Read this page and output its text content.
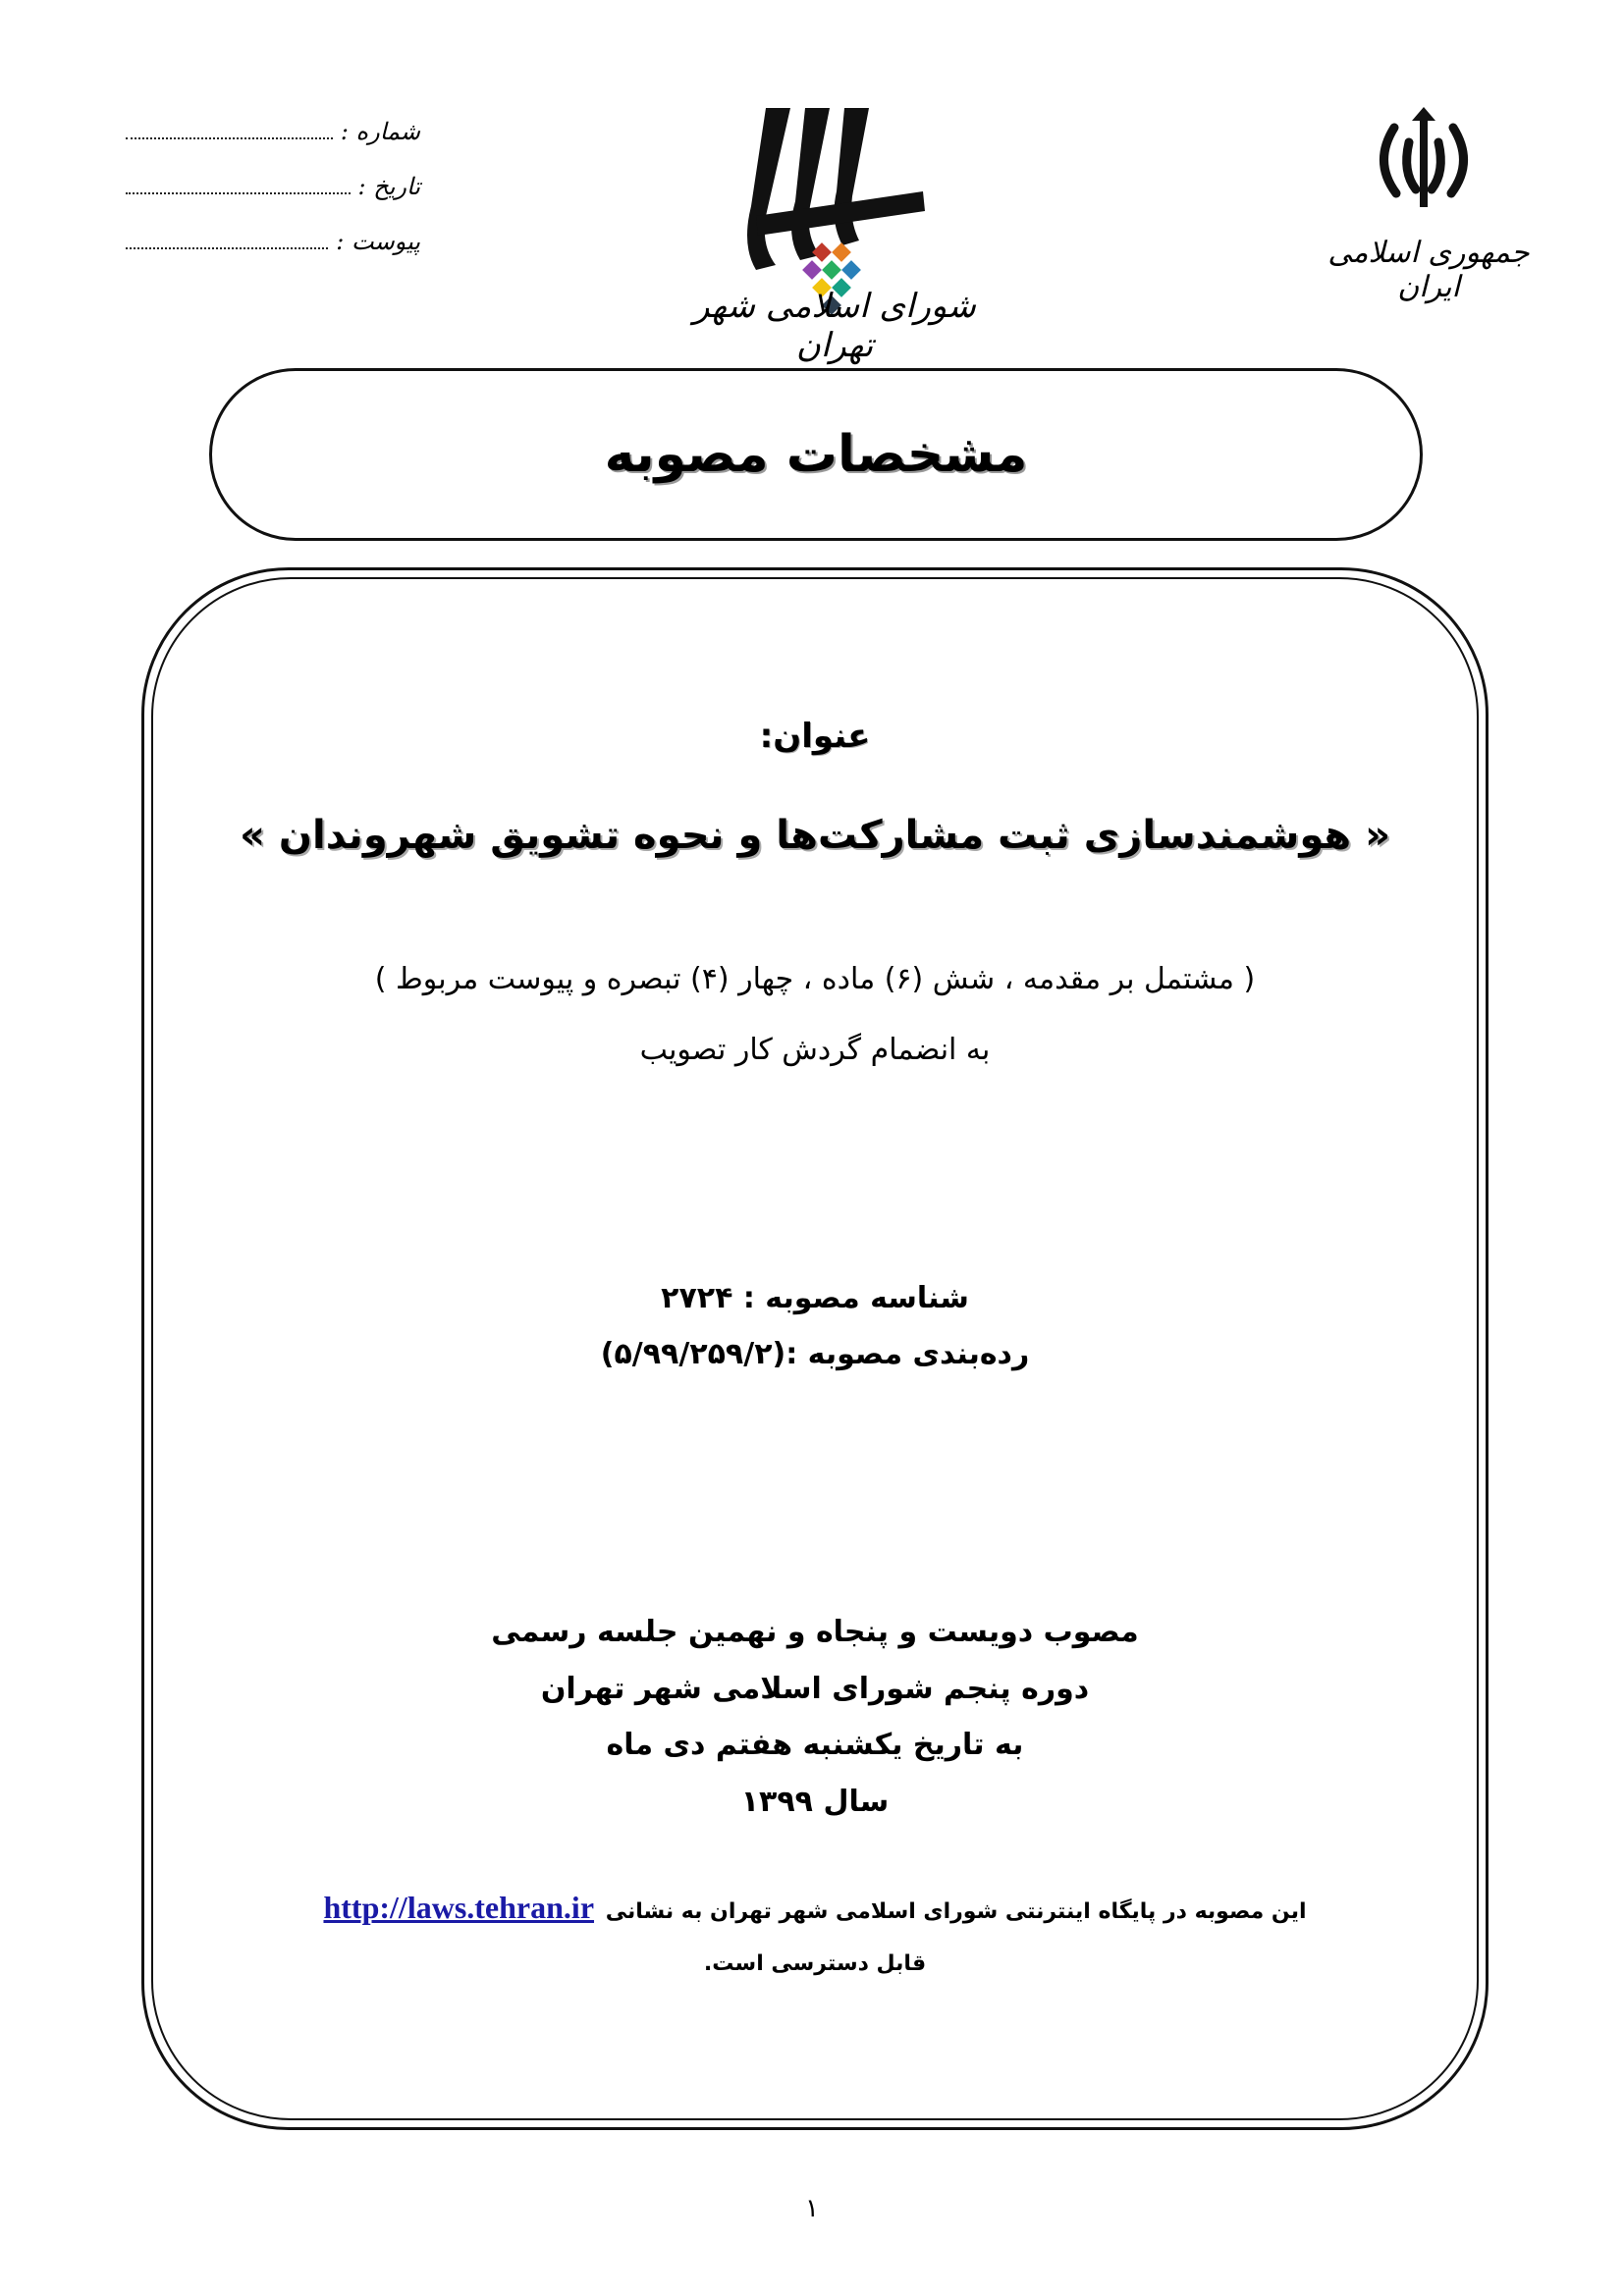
شماره :
تاریخ :
پیوست :
شورای اسلامی شهر تهران
جمهوری اسلامی ایران
مشخصات مصوبه
عنوان:
« هوشمندسازی ثبت مشارکت‌ها و نحوه تشویق شهروندان »
( مشتمل بر مقدمه ، شش (۶) ماده ، چهار (۴) تبصره و پیوست مربوط )
به انضمام گردش کار تصویب
شناسه مصوبه : ۲۷۲۴
رده‌بندی مصوبه :(۵/۹۹/۲۵۹/۲)
مصوب دویست و پنجاه و نهمین جلسه رسمی
دوره پنجم شورای اسلامی شهر تهران
به تاریخ یکشنبه هفتم دی ماه
سال ۱۳۹۹
این مصوبه در پایگاه اینترنتی شورای اسلامی شهر تهران به نشانی http://laws.tehran.ir
قابل دسترسی است.
۱
